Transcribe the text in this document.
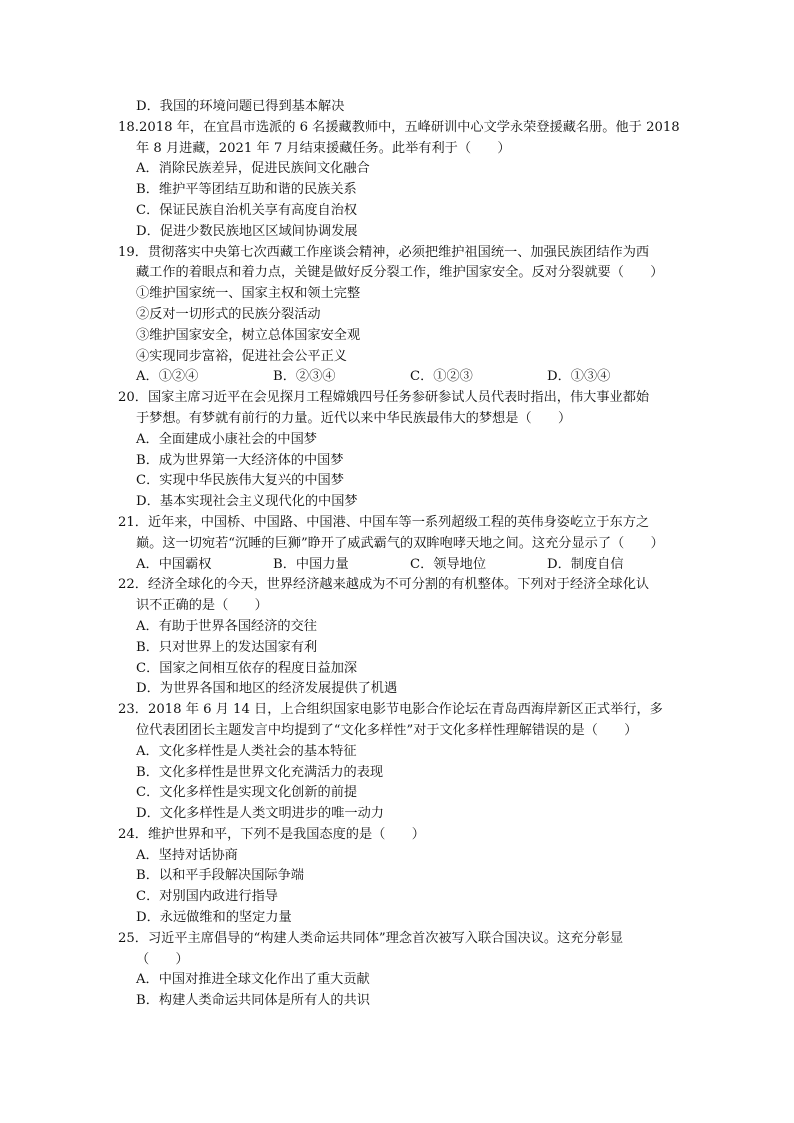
D．我国的环境问题已得到基本解决
18.2018 年，在宜昌市选派的 6 名援藏教师中，五峰研训中心文学永荣登援藏名册。他于 2018
年 8 月进藏，2021 年 7 月结束援藏任务。此举有利于（　　）
A．消除民族差异，促进民族间文化融合
B．维护平等团结互助和谐的民族关系
C．保证民族自治机关享有高度自治权
D．促进少数民族地区区域间协调发展
19．贯彻落实中央第七次西藏工作座谈会精神，必须把维护祖国统一、加强民族团结作为西
藏工作的着眼点和着力点，关键是做好反分裂工作，维护国家安全。反对分裂就要（　　）
①维护国家统一、国家主权和领土完整
②反对一切形式的民族分裂活动
③维护国家安全，树立总体国家安全观
④实现同步富裕，促进社会公平正义
A．①②④	B．②③④	C．①②③	D．①③④
20．国家主席习近平在会见探月工程嫦娥四号任务参研参试人员代表时指出，伟大事业都始
于梦想。有梦就有前行的力量。近代以来中华民族最伟大的梦想是（　　）
A．全面建成小康社会的中国梦
B．成为世界第一大经济体的中国梦
C．实现中华民族伟大复兴的中国梦
D．基本实现社会主义现代化的中国梦
21．近年来，中国桥、中国路、中国港、中国车等一系列超级工程的英伟身姿屹立于东方之
巅。这一切宛若“沉睡的巨狮”睁开了威武霸气的双眸咆哮天地之间。这充分显示了（　　）
A．中国霸权	B．中国力量	C．领导地位	D．制度自信
22．经济全球化的今天，世界经济越来越成为不可分割的有机整体。下列对于经济全球化认
识不正确的是（　　）
A．有助于世界各国经济的交往
B．只对世界上的发达国家有利
C．国家之间相互依存的程度日益加深
D．为世界各国和地区的经济发展提供了机遇
23．2018 年 6 月 14 日，上合组织国家电影节电影合作论坛在青岛西海岸新区正式举行，多
位代表团团长主题发言中均提到了“文化多样性”对于文化多样性理解错误的是（　　）
A．文化多样性是人类社会的基本特征
B．文化多样性是世界文化充满活力的表现
C．文化多样性是实现文化创新的前提
D．文化多样性是人类文明进步的唯一动力
24．维护世界和平，下列不是我国态度的是（　　）
A．坚持对话协商
B．以和平手段解决国际争端
C．对别国内政进行指导
D．永远做维和的坚定力量
25．习近平主席倡导的“构建人类命运共同体”理念首次被写入联合国决议。这充分彰显
（　　）
A．中国对推进全球文化作出了重大贡献
B．构建人类命运共同体是所有人的共识
